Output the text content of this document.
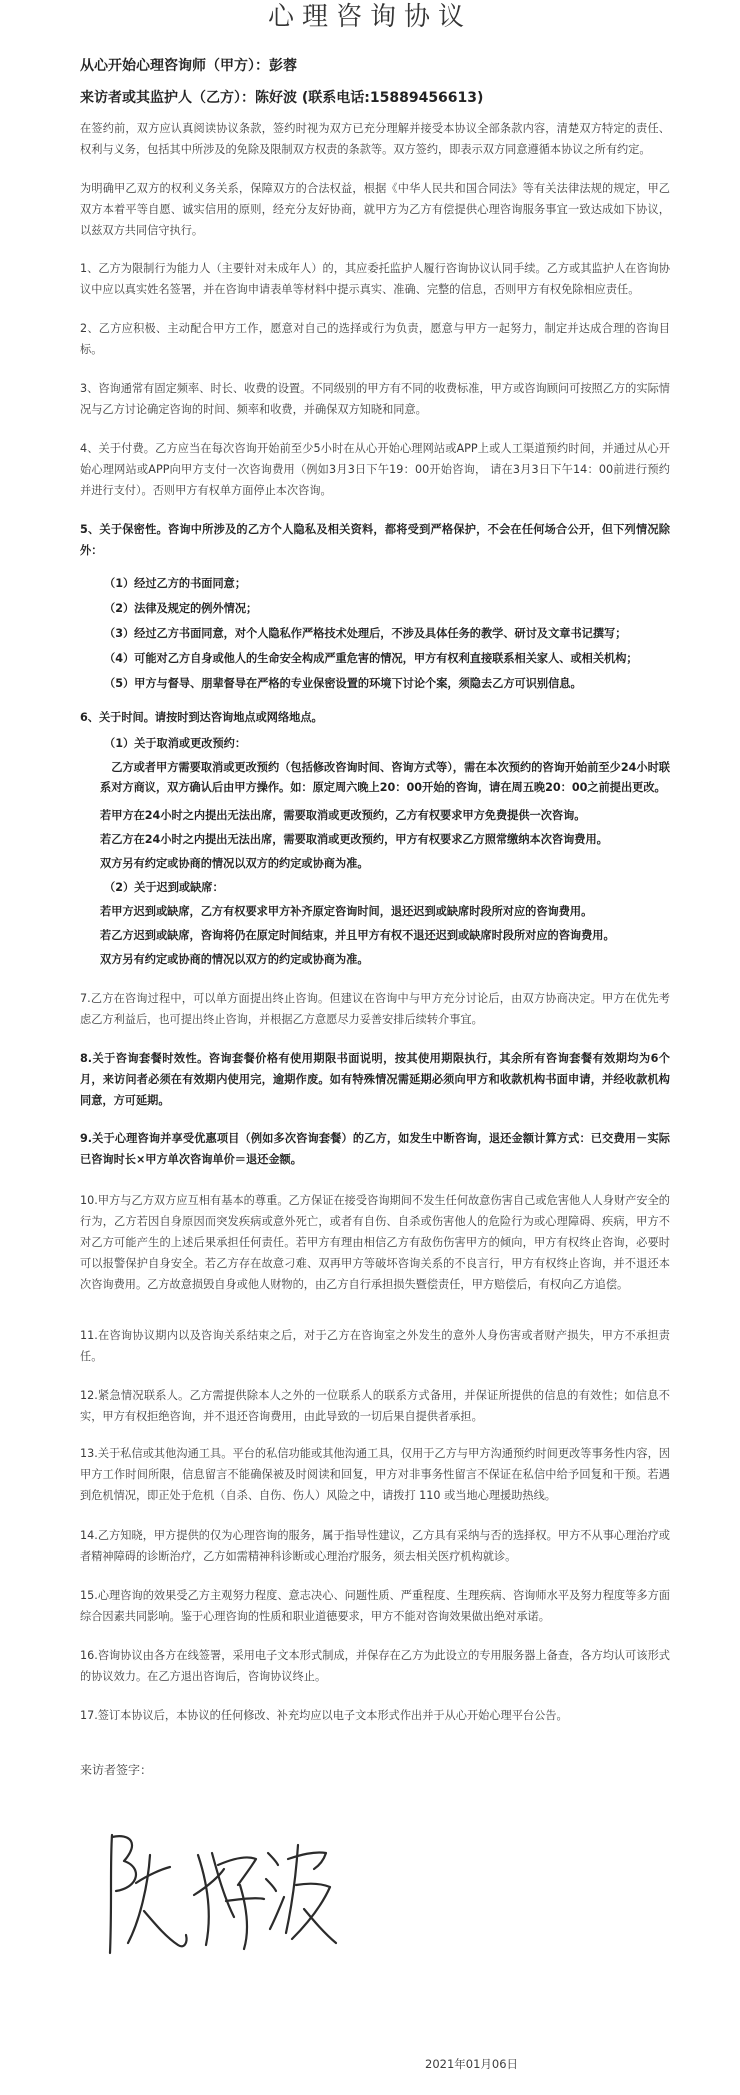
心理咨询协议
从心开始心理咨询师（甲方）：彭蓉
来访者或其监护人（乙方）：陈好波 (联系电话:15889456613)
在签约前，双方应认真阅读协议条款，签约时视为双方已充分理解并接受本协议全部条款内容，清楚双方特定的责任、权利与义务，包括其中所涉及的免除及限制双方权责的条款等。双方签约，即表示双方同意遵循本协议之所有约定。
为明确甲乙双方的权利义务关系，保障双方的合法权益，根据《中华人民共和国合同法》等有关法律法规的规定，甲乙双方本着平等自愿、诚实信用的原则，经充分友好协商，就甲方为乙方有偿提供心理咨询服务事宜一致达成如下协议，以兹双方共同信守执行。
1、乙方为限制行为能力人（主要针对未成年人）的，其应委托监护人履行咨询协议认同手续。乙方或其监护人在咨询协议中应以真实姓名签署，并在咨询申请表单等材料中提示真实、准确、完整的信息，否则甲方有权免除相应责任。
2、乙方应积极、主动配合甲方工作，愿意对自己的选择或行为负责，愿意与甲方一起努力，制定并达成合理的咨询目标。
3、咨询通常有固定频率、时长、收费的设置。不同级别的甲方有不同的收费标准，甲方或咨询顾问可按照乙方的实际情况与乙方讨论确定咨询的时间、频率和收费，并确保双方知晓和同意。
4、关于付费。乙方应当在每次咨询开始前至少5小时在从心开始心理网站或APP上或人工渠道预约时间，并通过从心开始心理网站或APP向甲方支付一次咨询费用（例如3月3日下午19：00开始咨询， 请在3月3日下午14：00前进行预约并进行支付）。否则甲方有权单方面停止本次咨询。
5、关于保密性。咨询中所涉及的乙方个人隐私及相关资料，都将受到严格保护，不会在任何场合公开，但下列情况除外：
（1）经过乙方的书面同意；
（2）法律及规定的例外情况；
（3）经过乙方书面同意，对个人隐私作严格技术处理后，不涉及具体任务的教学、研讨及文章书记撰写；
（4）可能对乙方自身或他人的生命安全构成严重危害的情况，甲方有权利直接联系相关家人、或相关机构；
（5）甲方与督导、朋辈督导在严格的专业保密设置的环境下讨论个案，须隐去乙方可识别信息。
6、关于时间。请按时到达咨询地点或网络地点。
（1）关于取消或更改预约：
乙方或者甲方需要取消或更改预约（包括修改咨询时间、咨询方式等），需在本次预约的咨询开始前至少24小时联系对方商议，双方确认后由甲方操作。如：原定周六晚上20：00开始的咨询，请在周五晚20：00之前提出更改。
若甲方在24小时之内提出无法出席，需要取消或更改预约，乙方有权要求甲方免费提供一次咨询。
若乙方在24小时之内提出无法出席，需要取消或更改预约，甲方有权要求乙方照常缴纳本次咨询费用。
双方另有约定或协商的情况以双方的约定或协商为准。
（2）关于迟到或缺席：
若甲方迟到或缺席，乙方有权要求甲方补齐原定咨询时间，退还迟到或缺席时段所对应的咨询费用。
若乙方迟到或缺席，咨询将仍在原定时间结束，并且甲方有权不退还迟到或缺席时段所对应的咨询费用。
双方另有约定或协商的情况以双方的约定或协商为准。
7.乙方在咨询过程中，可以单方面提出终止咨询。但建议在咨询中与甲方充分讨论后，由双方协商决定。甲方在优先考虑乙方利益后，也可提出终止咨询，并根据乙方意愿尽力妥善安排后续转介事宜。
8.关于咨询套餐时效性。咨询套餐价格有使用期限书面说明，按其使用期限执行，其余所有咨询套餐有效期均为6个月，来访问者必须在有效期内使用完，逾期作废。如有特殊情况需延期必须向甲方和收款机构书面申请，并经收款机构同意，方可延期。
9.关于心理咨询并享受优惠项目（例如多次咨询套餐）的乙方，如发生中断咨询，退还金额计算方式：已交费用－实际已咨询时长×甲方单次咨询单价＝退还金额。
10.甲方与乙方双方应互相有基本的尊重。乙方保证在接受咨询期间不发生任何故意伤害自己或危害他人人身财产安全的行为，乙方若因自身原因而突发疾病或意外死亡，或者有自伤、自杀或伤害他人的危险行为或心理障碍、疾病，甲方不对乙方可能产生的上述后果承担任何责任。若甲方有理由相信乙方有敌伤伤害甲方的倾向，甲方有权终止咨询，必要时可以报警保护自身安全。若乙方存在故意刁难、双再甲方等破坏咨询关系的不良言行，甲方有权终止咨询，并不退还本次咨询费用。乙方故意损毁自身或他人财物的，由乙方自行承担损失暨偿责任，甲方赔偿后，有权向乙方追偿。
11.在咨询协议期内以及咨询关系结束之后，对于乙方在咨询室之外发生的意外人身伤害或者财产损失，甲方不承担责任。
12.紧急情况联系人。乙方需提供除本人之外的一位联系人的联系方式备用，并保证所提供的信息的有效性；如信息不实，甲方有权拒绝咨询，并不退还咨询费用，由此导致的一切后果自提供者承担。
13.关于私信或其他沟通工具。平台的私信功能或其他沟通工具，仅用于乙方与甲方沟通预约时间更改等事务性内容，因甲方工作时间所限，信息留言不能确保被及时阅读和回复，甲方对非事务性留言不保证在私信中给予回复和干预。若遇到危机情况，即正处于危机（自杀、自伤、伤人）风险之中，请拨打 110 或当地心理援助热线。
14.乙方知晓，甲方提供的仅为心理咨询的服务，属于指导性建议，乙方具有采纳与否的选择权。甲方不从事心理治疗或者精神障碍的诊断治疗，乙方如需精神科诊断或心理治疗服务，须去相关医疗机构就诊。
15.心理咨询的效果受乙方主观努力程度、意志决心、问题性质、严重程度、生理疾病、咨询师水平及努力程度等多方面综合因素共同影响。鉴于心理咨询的性质和职业道德要求，甲方不能对咨询效果做出绝对承诺。
16.咨询协议由各方在线签署，采用电子文本形式制成，并保存在乙方为此设立的专用服务器上备查，各方均认可该形式的协议效力。在乙方退出咨询后，咨询协议终止。
17.签订本协议后，本协议的任何修改、补充均应以电子文本形式作出并于从心开始心理平台公告。
来访者签字：
2021年01月06日
